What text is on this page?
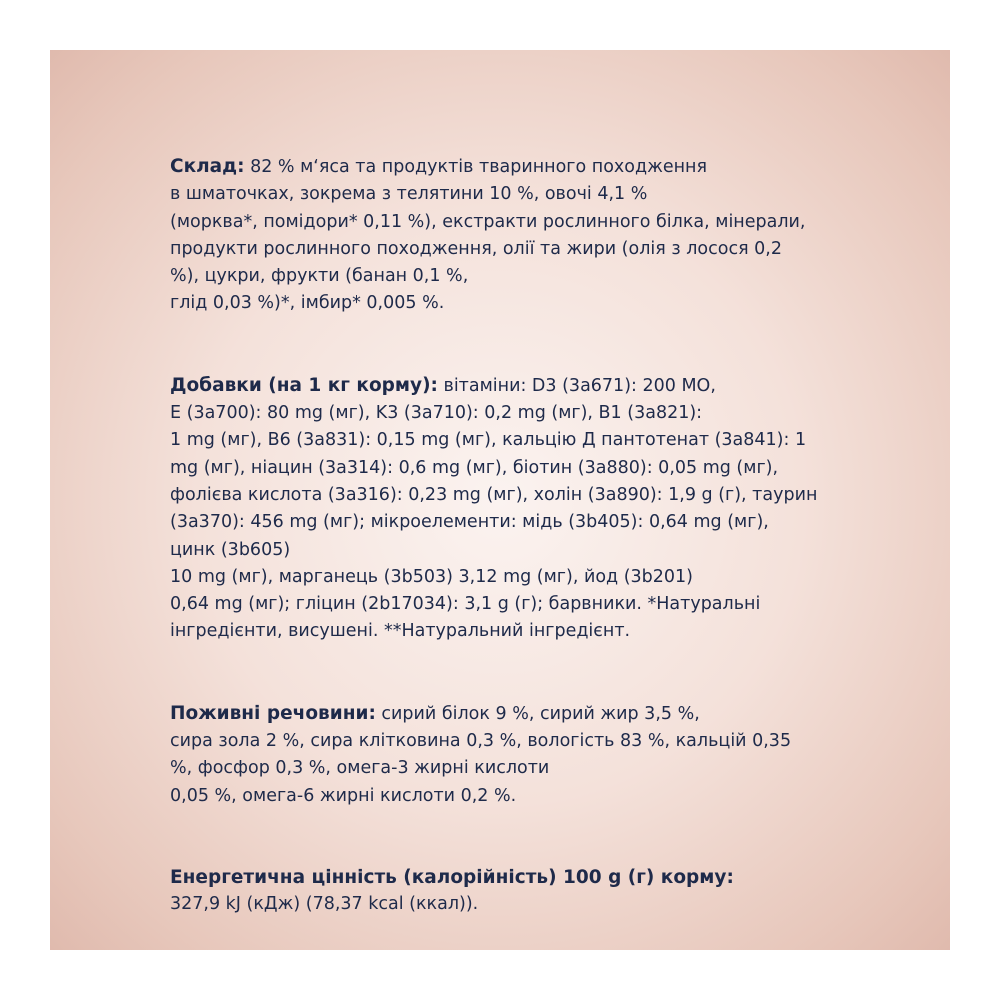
Склад: 82 % м‘яса та продуктів тваринного походження
в шматочках, зокрема з телятини 10 %, овочі 4,1 %
(морква*, помідори* 0,11 %), екстракти рослинного білка, мінерали,
продукти рослинного походження, олії та жири (олія з лосося 0,2
%), цукри, фрукти (банан 0,1 %,
глід 0,03 %)*, імбир* 0,005 %.

Добавки (на 1 кг корму): вітаміни: D3 (3a671): 200 MO,
E (3a700): 80 mg (мг), K3 (3a710): 0,2 mg (мг), B1 (3a821):
1 mg (мг), B6 (3a831): 0,15 mg (мг), кальцію Д пантотенат (3a841): 1
mg (мг), ніацин (3a314): 0,6 mg (мг), біотин (3a880): 0,05 mg (мг),
фолієва кислота (3a316): 0,23 mg (мг), холін (3a890): 1,9 g (г), таурин
(3a370): 456 mg (мг); мікроелементи: мідь (3b405): 0,64 mg (мг),
цинк (3b605)
10 mg (мг), марганець (3b503) 3,12 mg (мг), йод (3b201)
0,64 mg (мг); гліцин (2b17034): 3,1 g (г); барвники. *Натуральні
інгредієнти, висушені. **Натуральний інгредієнт.

Поживні речовини: сирий білок 9 %, сирий жир 3,5 %,
сира зола 2 %, сира клітковина 0,3 %, вологість 83 %, кальцій 0,35
%, фосфор 0,3 %, омега-3 жирні кислоти
0,05 %, омега-6 жирні кислоти 0,2 %.

Енергетична цінність (калорійність) 100 g (г) корму:
327,9 kJ (кДж) (78,37 kcal (ккал)).
